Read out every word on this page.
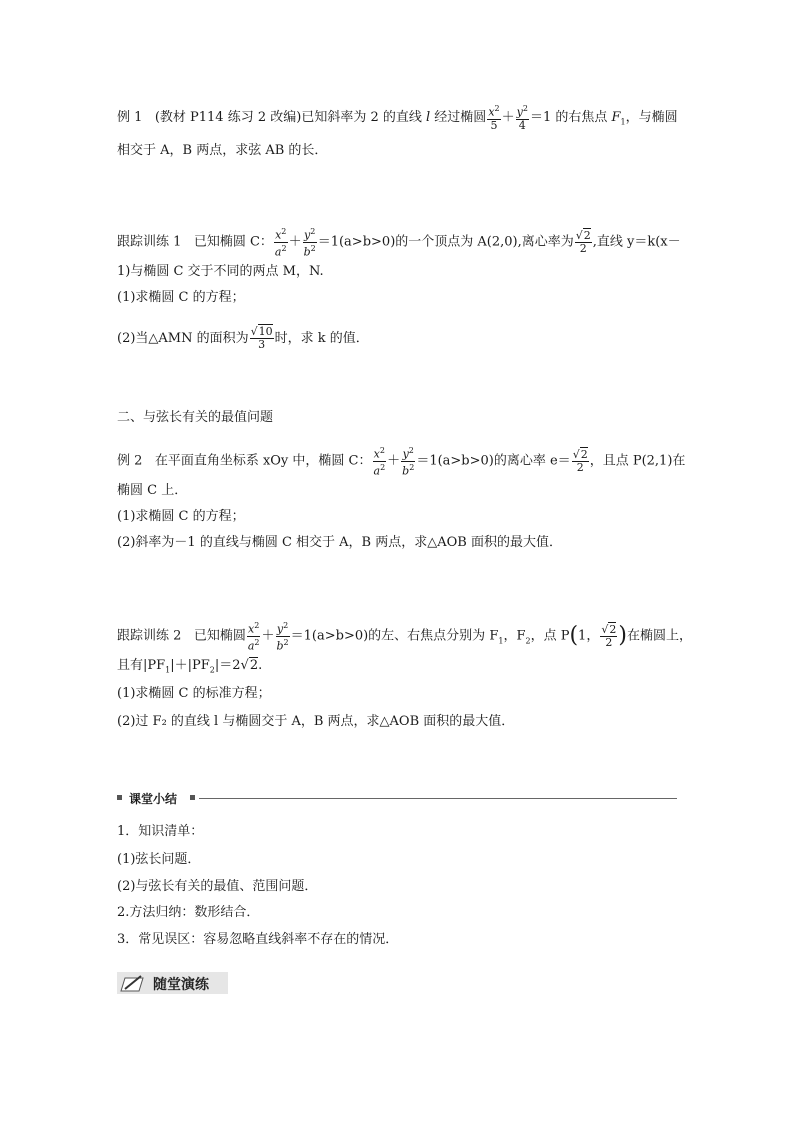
例 1 (教材 P114 练习 2 改编)已知斜率为 2 的直线 l 经过椭圆 $\frac{x^2}{5} + \frac{y^2}{4} =1$ 的右焦点 $F_1$，与椭圆
相交于 A，B 两点，求弦 AB 的长．
跟踪训练 1 已知椭圆 C： $\frac{x^2}{a^2} + \frac{y^2}{b^2} =1(a>b>0)$的一个顶点为 A(2,0),离心率为 $\frac{√2}{2}$ ,直线 y＝k(x－
1)与椭圆 C 交于不同的两点 M，N.
(1)求椭圆 C 的方程；
(2)当△AMN 的面积为 $\frac{√10}{3}$ 时，求 k 的值．
二、与弦长有关的最值问题
例 2 在平面直角坐标系 xOy 中，椭圆 C： $\frac{x^2}{a^2} + \frac{y^2}{b^2} =1(a>b>0)$的离心率 $e= \frac{√2}{2}$ ，且点 P(2,1)在
椭圆 C 上．
(1)求椭圆 C 的方程；
(2)斜率为－1 的直线与椭圆 C 相交于 A，B 两点，求△AOB 面积的最大值．
跟踪训练 2 已知椭圆 $\frac{x^2}{a^2} + \frac{y^2}{b^2} =1(a>b>0)$的左、右焦点分别为 $F_1$，$F_2$，点 P(1， $\frac{√2}{2}$ )在椭圆上，
且有$|PF_1|+|PF_2|=2√2$.
(1)求椭圆 C 的标准方程；
(2)过 F₂ 的直线 l 与椭圆交于 A，B 两点，求△AOB 面积的最大值．
课堂小结
1．知识清单：
(1)弦长问题．
(2)与弦长有关的最值、范围问题．
2.方法归纳：数形结合．
3．常见误区：容易忽略直线斜率不存在的情况．
随堂演练
